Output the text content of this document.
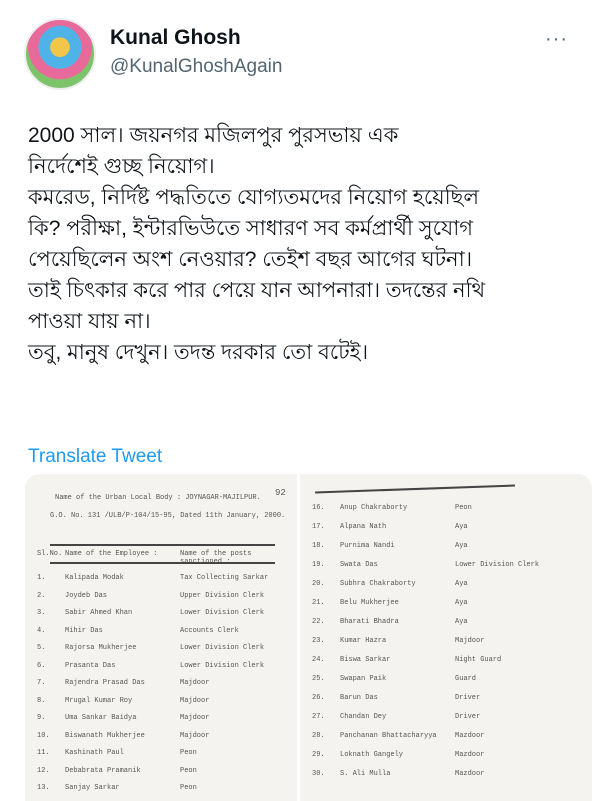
Kunal Ghosh
@KunalGhoshAgain
···
2000 সাল। জয়নগর মজিলপুর পুরসভায় এক
নির্দেশেই গুচ্ছ নিয়োগ।
কমরেড, নির্দিষ্ট পদ্ধতিতে যোগ্যতমদের নিয়োগ হয়েছিল
কি? পরীক্ষা, ইন্টারভিউতে সাধারণ সব কর্মপ্রার্থী সুযোগ
পেয়েছিলেন অংশ নেওয়ার? তেইশ বছর আগের ঘটনা।
তাই চিৎকার করে পার পেয়ে যান আপনারা। তদন্তের নথি
পাওয়া যায় না।
তবু, মানুষ দেখুন। তদন্ত দরকার তো বটেই।
Translate Tweet
Name of the Urban Local Body : JOYNAGAR-MAJILPUR.
G.O. No. 131 /ULB/P-104/15-95, Dated 11th January, 2000.
92
Sl.No. Name of the Employee :	Name of the posts
1.	Kalipada Modak	Tax Collecting Sarkar
2.	Joydeb Das	Upper Division Clerk
3.	Sabir Ahmed Khan	Lower Division Clerk
4.	Mihir Das	Accounts Clerk
5.	Rajorsa Mukherjee	Lower Division Clerk
6.	Prasanta Das	Lower Division Clerk
7.	Rajendra Prasad Das	Majdoor
8.	Mrugal Kumar Roy	Majdoor
9.	Uma Sankar Baidya	Majdoor
10.	Biswanath Mukherjee	Majdoor
11.	Kashinath Paul	Peon
12.	Debabrata Pramanik	Peon
13.	Sanjay Sarkar	Peon
16.	Anup Chakraborty	Peon
17.	Alpana Nath	Aya
18.	Purnima Nandi	Aya
19.	Swata Das	Lower Division Clerk
20.	Subhra Chakraborty	Aya
21.	Belu Mukherjee	Aya
22.	Bharati Bhadra	Aya
23.	Kumar Hazra	Majdoor
24.	Biswa Sarkar	Night Guard
25.	Swapan Paik	Guard
26.	Barun Das	Driver
27.	Chandan Dey	Driver
28.	Panchanan Bhattacharyya	Mazdoor
29.	Loknath Gangely	Mazdoor
30.	S. Ali Mulla	Mazdoor
